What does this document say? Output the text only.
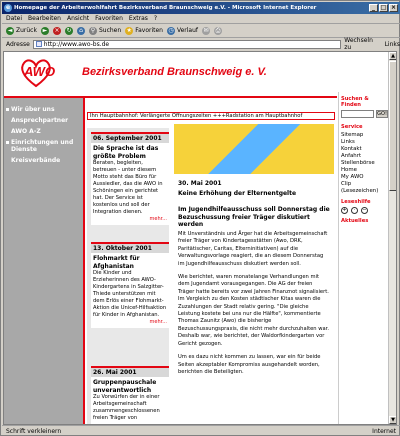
e Homepage der Arbeiterwohlfahrt Bezirksverband Braunschweig e.V. - Microsoft Internet Explorer	_ □ ×
Datei Bearbeiten Ansicht Favoriten Extras ?
◄ Zurück ► × ↻	⌂	⚲ Suchen ★ Favoriten ◷ Verlauf ✉ ⎙
Adresse http://www.awo-bs.de	Wechseln zu	Links
AWO Bezirksverband Braunschweig e. V.
Wir über uns
Ansprechpartner
AWO A-Z
Einrichtungen und Dienste
Kreisverbände
Ihn Hauptbahnhof: Verlängerte Öffnungszeiten +++Radstation am Hauptbahnhof
06. September 2001
Die Sprache ist das größte Problem
Beraten, begleiten, betreuen - unter diesem Motto steht das Büro für Aussiedler, das die AWO in Schöningen ein gerichtet hat. Der Service ist kostenlos und soll der Integration dienen.
mehr...
13. Oktober 2001
Flohmarkt für Afghanistan
Die Kinder und Erzieherinnen des AWO-Kindergartens in Salzgitter-Thiede unterstützen mit dem Erlös einer Flohmarkt-Aktion die Unicef-Hilfsaktion für Kinder in Afghanistan.
mehr...
26. Mai 2001
Gruppenpauschale unverantwortlich
Zu Vorwürfen der in einer Arbeitsgemeinschaft zusammengeschlossenen freien Träger von
30. Mai 2001
Keine Erhöhung der Elternentgelte
Im Jugendhilfeausschuss soll Donnerstag die Bezuschussung freier Träger diskutiert werden

Mit Unverständnis und Ärger hat die Arbeitsgemeinschaft freier Träger von Kindertagesstätten (Awo, DRK, Paritätischer, Caritas, Elterninitiativen) auf die Verwaltungsvorlage reagiert, die an diesem Donnerstag im Jugendhilfeausschuss diskutiert werden soll.

Wie berichtet, waren monatelange Verhandlungen mit dem Jugendamt vorausgegangen. Die AG der freien Träger hatte bereits vor zwei Jahren Finanznot signalisiert. Im Vergleich zu den Kosten städtischer Kitas waren die Zuzahlungen der Stadt relativ gering. "Die gleiche Leistung kostete bei uns nur die Hälfte", kommentierte Thomas Zaunitz (Awo) die bisherige Bezuschussungspraxis, die nicht mehr durchzuhalten war. Deshalb war, wie berichtet, der Waldorfkindergarten vor Gericht gezogen.

Um es dazu nicht kommen zu lassen, war ein für beide Seiten akzeptabler Kompromiss ausgehandelt worden, berichten die Beteiligten.

Suchen & Finden
GO!
Service
Sitemap
Links
Kontakt
Anfahrt
Stellenbörse
Home
My AWO
Clip (Lesezeichen)
Leseshilfe
+	·	−
Aktuelles
▲
▼
Schrift verkleinern	Internet
